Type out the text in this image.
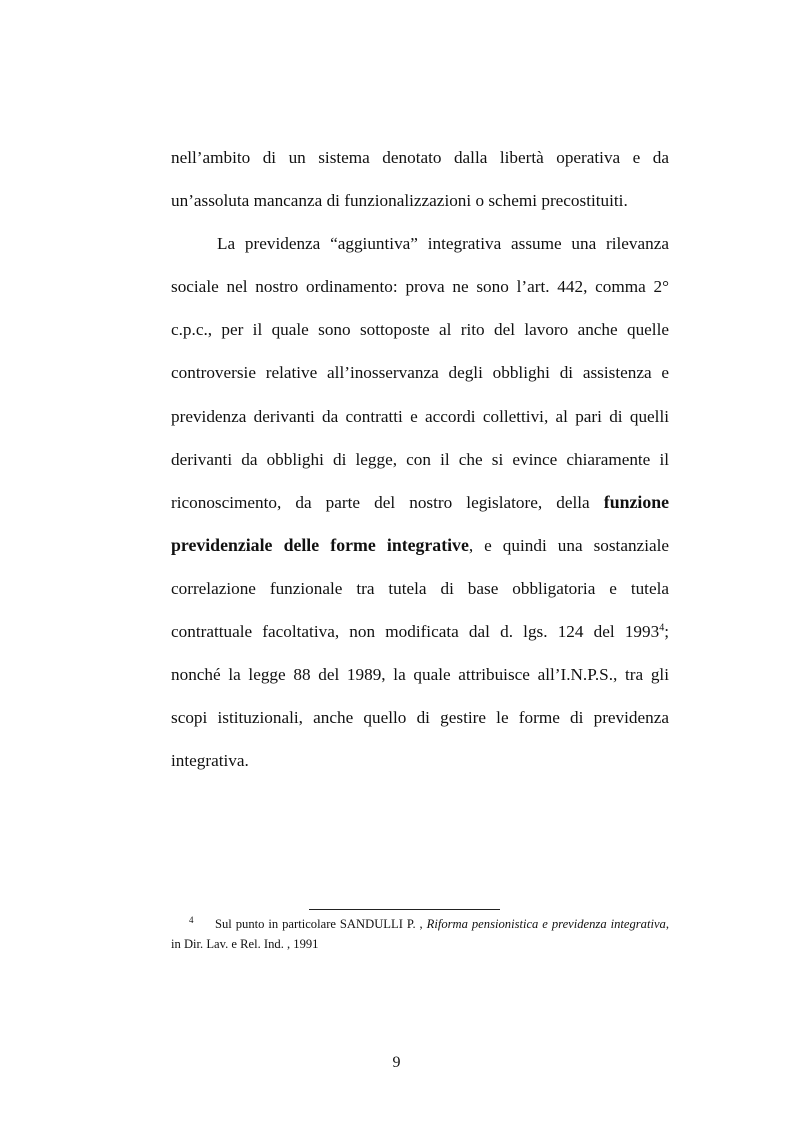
nell’ambito di un sistema denotato dalla libertà operativa e da un’assoluta mancanza di funzionalizzazioni o schemi precostituiti.

La previdenza “aggiuntiva” integrativa assume una rilevanza sociale nel nostro ordinamento: prova ne sono l’art. 442, comma 2° c.p.c., per il quale sono sottoposte al rito del lavoro anche quelle controversie relative all’inosservanza degli obblighi di assistenza e previdenza derivanti da contratti e accordi collettivi, al pari di quelli derivanti da obblighi di legge, con il che si evince chiaramente il riconoscimento, da parte del nostro legislatore, della funzione previdenziale delle forme integrative, e quindi una sostanziale correlazione funzionale tra tutela di base obbligatoria e tutela contrattuale facoltativa, non modificata dal d. lgs. 124 del 1993$^4$; nonché la legge 88 del 1989, la quale attribuisce all’I.N.P.S., tra gli scopi istituzionali, anche quello di gestire le forme di previdenza integrativa.

4 Sul punto in particolare SANDULLI P. , Riforma pensionistica e previdenza integrativa, in Dir. Lav. e Rel. Ind. , 1991

9
